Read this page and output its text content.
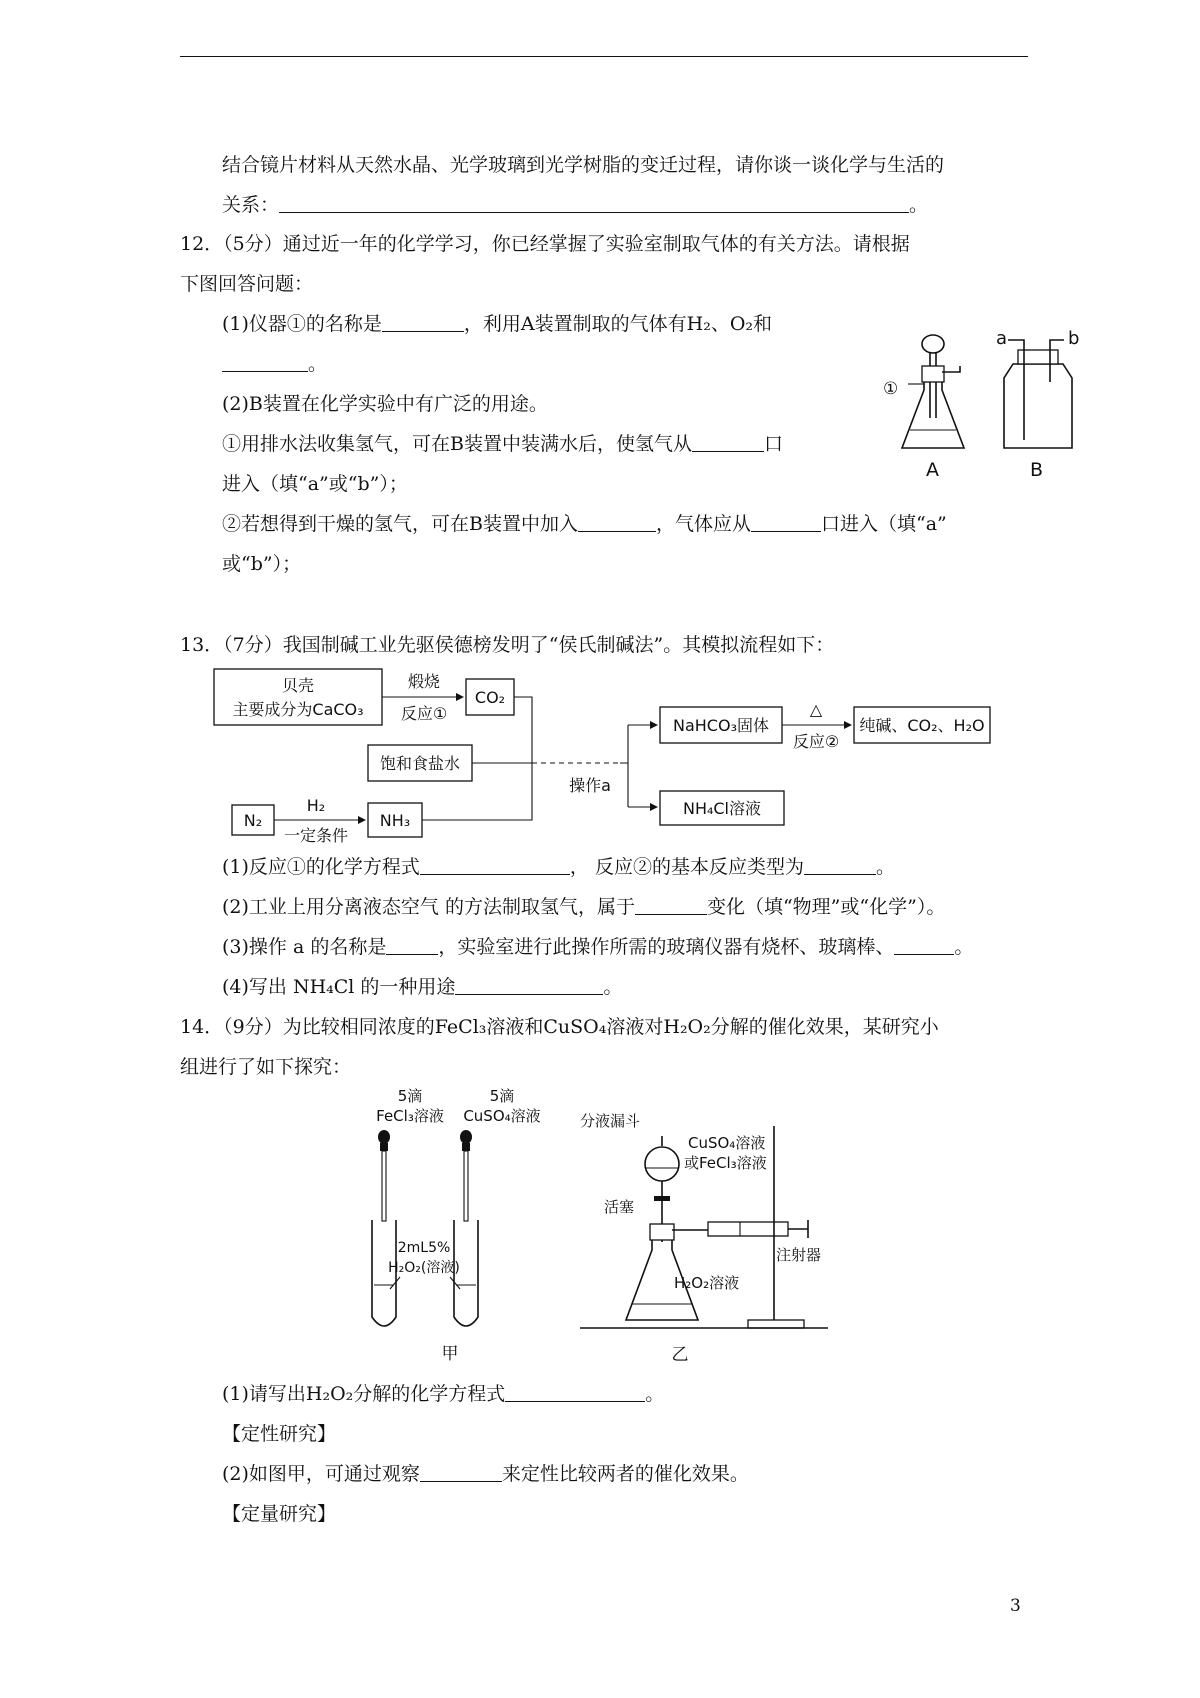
结合镜片材料从天然水晶、光学玻璃到光学树脂的变迁过程，请你谈一谈化学与生活的
关系：	。
12．（5分）通过近一年的化学学习，你已经掌握了实验室制取气体的有关方法。请根据
下图回答问题：
(1)仪器①的名称是	，利用A装置制取的气体有H₂、O₂和
。
(2)B装置在化学实验中有广泛的用途。
①用排水法收集氢气，可在B装置中装满水后，使氢气从	口
进入（填“a”或“b”）；
②若想得到干燥的氢气，可在B装置中加入	，气体应从	口进入（填“a”
或“b”）；
①
A
a	b
B
13．（7分）我国制碱工业先驱侯德榜发明了“侯氏制碱法”。其模拟流程如下：
贝壳
主要成分为CaCO₃
煅烧
反应①
CO₂
饱和食盐水
N₂
H₂
一定条件
NH₃
操作a
NaHCO₃固体
△
反应②
纯碱、CO₂、H₂O
NH₄Cl溶液
(1)反应①的化学方程式	， 反应②的基本反应类型为	。
(2)工业上用分离液态空气 的方法制取氢气，属于	变化（填“物理”或“化学”）。
(3)操作 a 的名称是	，实验室进行此操作所需的玻璃仪器有烧杯、玻璃棒、	。
(4)写出 NH₄Cl 的一种用途	。
14．（9分）为比较相同浓度的FeCl₃溶液和CuSO₄溶液对H₂O₂分解的催化效果，某研究小
组进行了如下探究：
5滴
FeCl₃溶液
5滴
CuSO₄溶液
2mL5%
H₂O₂(溶液)
甲
分液漏斗
CuSO₄溶液
或FeCl₃溶液
活塞
注射器
H₂O₂溶液
乙
(1)请写出H₂O₂分解的化学方程式	。
【定性研究】
(2)如图甲，可通过观察	来定性比较两者的催化效果。
【定量研究】
3
